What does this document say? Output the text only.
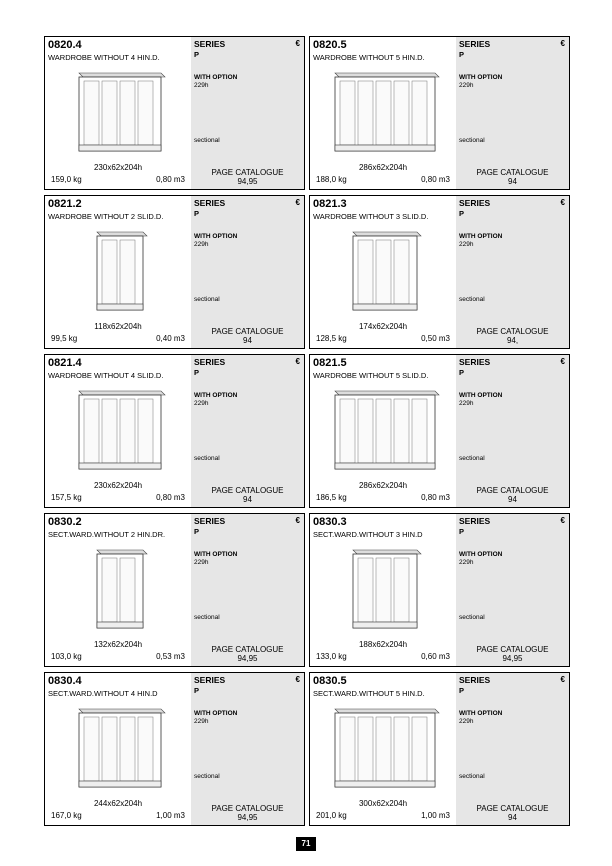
0820.4
WARDROBE WITHOUT 4 HIN.D.
230x62x204h
159,0 kg	0,80 m3
SERIES	€
P
WITH OPTION
229h
sectional
PAGE CATALOGUE
94,95
0820.5
WARDROBE WITHOUT 5 HIN.D.
286x62x204h
188,0 kg	0,80 m3
SERIES	€
P
WITH OPTION
229h
sectional
PAGE CATALOGUE
94
0821.2
WARDROBE WITHOUT 2 SLID.D.
118x62x204h
99,5 kg	0,40 m3
SERIES	€
P
WITH OPTION
229h
sectional
PAGE CATALOGUE
94
0821.3
WARDROBE WITHOUT 3 SLID.D.
174x62x204h
128,5 kg	0,50 m3
SERIES	€
P
WITH OPTION
229h
sectional
PAGE CATALOGUE
94,
0821.4
WARDROBE WITHOUT 4 SLID.D.
230x62x204h
157,5 kg	0,80 m3
SERIES	€
P
WITH OPTION
229h
sectional
PAGE CATALOGUE
94
0821.5
WARDROBE WITHOUT 5 SLID.D.
286x62x204h
186,5 kg	0,80 m3
SERIES	€
P
WITH OPTION
229h
sectional
PAGE CATALOGUE
94
0830.2
SECT.WARD.WITHOUT 2 HIN.DR.
132x62x204h
103,0 kg	0,53 m3
SERIES	€
P
WITH OPTION
229h
sectional
PAGE CATALOGUE
94,95
0830.3
SECT.WARD.WITHOUT 3 HIN.D
188x62x204h
133,0 kg	0,60 m3
SERIES	€
P
WITH OPTION
229h
sectional
PAGE CATALOGUE
94,95
0830.4
SECT.WARD.WITHOUT 4 HIN.D
244x62x204h
167,0 kg	1,00 m3
SERIES	€
P
WITH OPTION
229h
sectional
PAGE CATALOGUE
94,95
0830.5
SECT.WARD.WITHOUT 5 HIN.D.
300x62x204h
201,0 kg	1,00 m3
SERIES	€
P
WITH OPTION
229h
sectional
PAGE CATALOGUE
94
71
